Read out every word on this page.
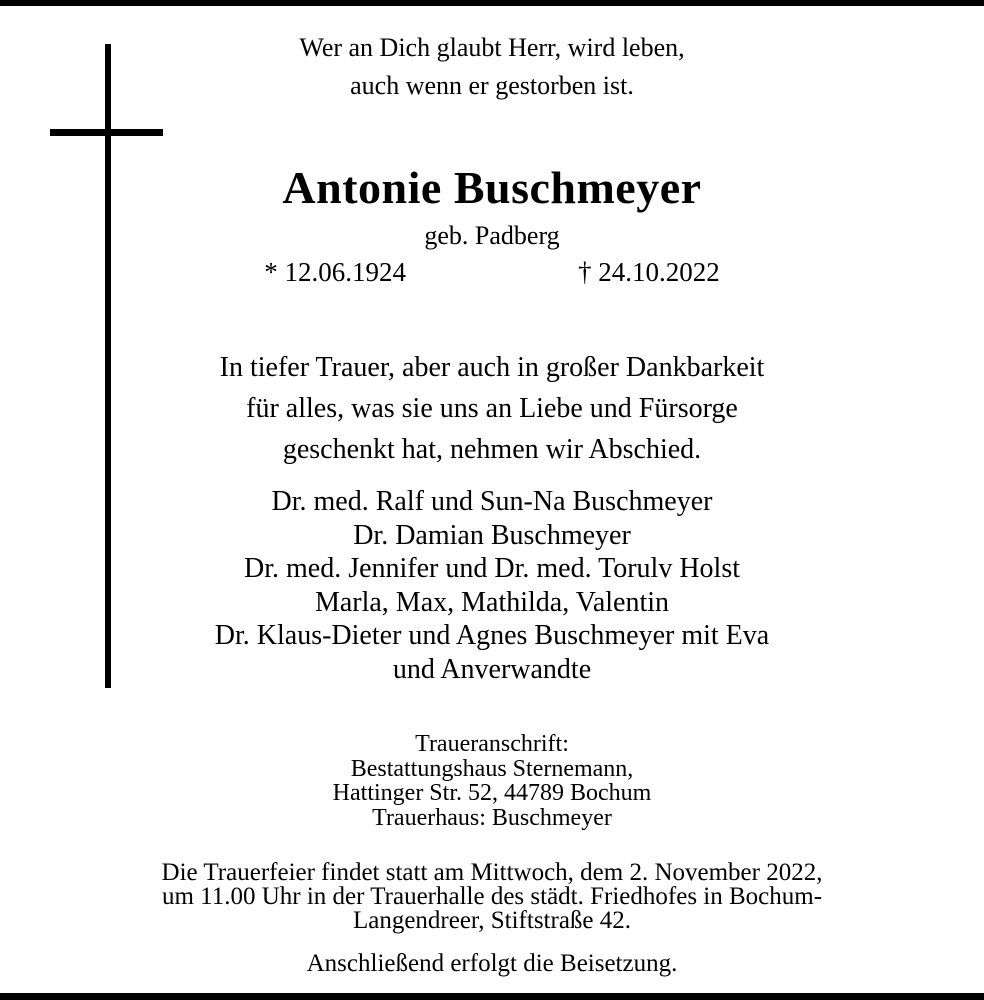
Wer an Dich glaubt Herr, wird leben,
auch wenn er gestorben ist.
Antonie Buschmeyer
geb. Padberg
* 12.06.1924	† 24.10.2022
In tiefer Trauer, aber auch in großer Dankbarkeit
für alles, was sie uns an Liebe und Fürsorge
geschenkt hat, nehmen wir Abschied.
Dr. med. Ralf und Sun-Na Buschmeyer
Dr. Damian Buschmeyer
Dr. med. Jennifer und Dr. med. Torulv Holst
Marla, Max, Mathilda, Valentin
Dr. Klaus-Dieter und Agnes Buschmeyer mit Eva
und Anverwandte
Traueranschrift:
Bestattungshaus Sternemann,
Hattinger Str. 52, 44789 Bochum
Trauerhaus: Buschmeyer
Die Trauerfeier findet statt am Mittwoch, dem 2. November 2022,
um 11.00 Uhr in der Trauerhalle des städt. Friedhofes in Bochum-
Langendreer, Stiftstraße 42.
Anschließend erfolgt die Beisetzung.
